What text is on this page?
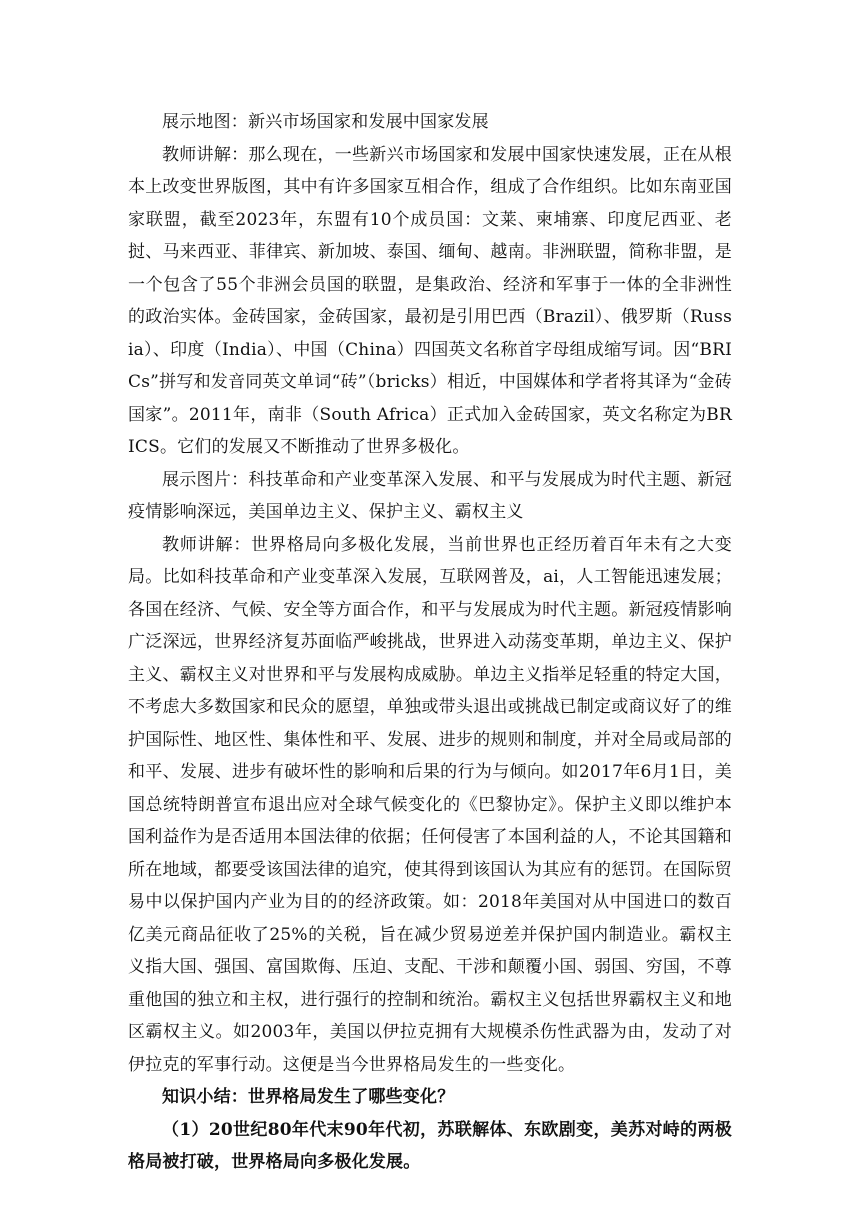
展示地图：新兴市场国家和发展中国家发展

教师讲解：那么现在，一些新兴市场国家和发展中国家快速发展，正在从根本上改变世界版图，其中有许多国家互相合作，组成了合作组织。比如东南亚国家联盟，截至2023年，东盟有10个成员国：文莱、柬埔寨、印度尼西亚、老挝、马来西亚、菲律宾、新加坡、泰国、缅甸、越南。非洲联盟，简称非盟，是一个包含了55个非洲会员国的联盟，是集政治、经济和军事于一体的全非洲性的政治实体。金砖国家，金砖国家，最初是引用巴西（Brazil）、俄罗斯（Russia）、印度（India）、中国（China）四国英文名称首字母组成缩写词。因“BRICs”拼写和发音同英文单词“砖”（bricks）相近，中国媒体和学者将其译为“金砖国家”。2011年，南非（South Africa）正式加入金砖国家，英文名称定为BRICS。它们的发展又不断推动了世界多极化。

展示图片：科技革命和产业变革深入发展、和平与发展成为时代主题、新冠疫情影响深远，美国单边主义、保护主义、霸权主义

教师讲解：世界格局向多极化发展，当前世界也正经历着百年未有之大变局。比如科技革命和产业变革深入发展，互联网普及，ai，人工智能迅速发展；各国在经济、气候、安全等方面合作，和平与发展成为时代主题。新冠疫情影响广泛深远，世界经济复苏面临严峻挑战，世界进入动荡变革期，单边主义、保护主义、霸权主义对世界和平与发展构成威胁。单边主义指举足轻重的特定大国，不考虑大多数国家和民众的愿望，单独或带头退出或挑战已制定或商议好了的维护国际性、地区性、集体性和平、发展、进步的规则和制度，并对全局或局部的和平、发展、进步有破坏性的影响和后果的行为与倾向。如2017年6月1日，美国总统特朗普宣布退出应对全球气候变化的《巴黎协定》。保护主义即以维护本国利益作为是否适用本国法律的依据；任何侵害了本国利益的人，不论其国籍和所在地域，都要受该国法律的追究，使其得到该国认为其应有的惩罚。在国际贸易中以保护国内产业为目的的经济政策。如：2018年美国对从中国进口的数百亿美元商品征收了25%的关税，旨在减少贸易逆差并保护国内制造业。霸权主义指大国、强国、富国欺侮、压迫、支配、干涉和颠覆小国、弱国、穷国，不尊重他国的独立和主权，进行强行的控制和统治。霸权主义包括世界霸权主义和地区霸权主义。如2003年，美国以伊拉克拥有大规模杀伤性武器为由，发动了对伊拉克的军事行动。这便是当今世界格局发生的一些变化。

知识小结：世界格局发生了哪些变化？

（1）20世纪80年代末90年代初，苏联解体、东欧剧变，美苏对峙的两极格局被打破，世界格局向多极化发展。
